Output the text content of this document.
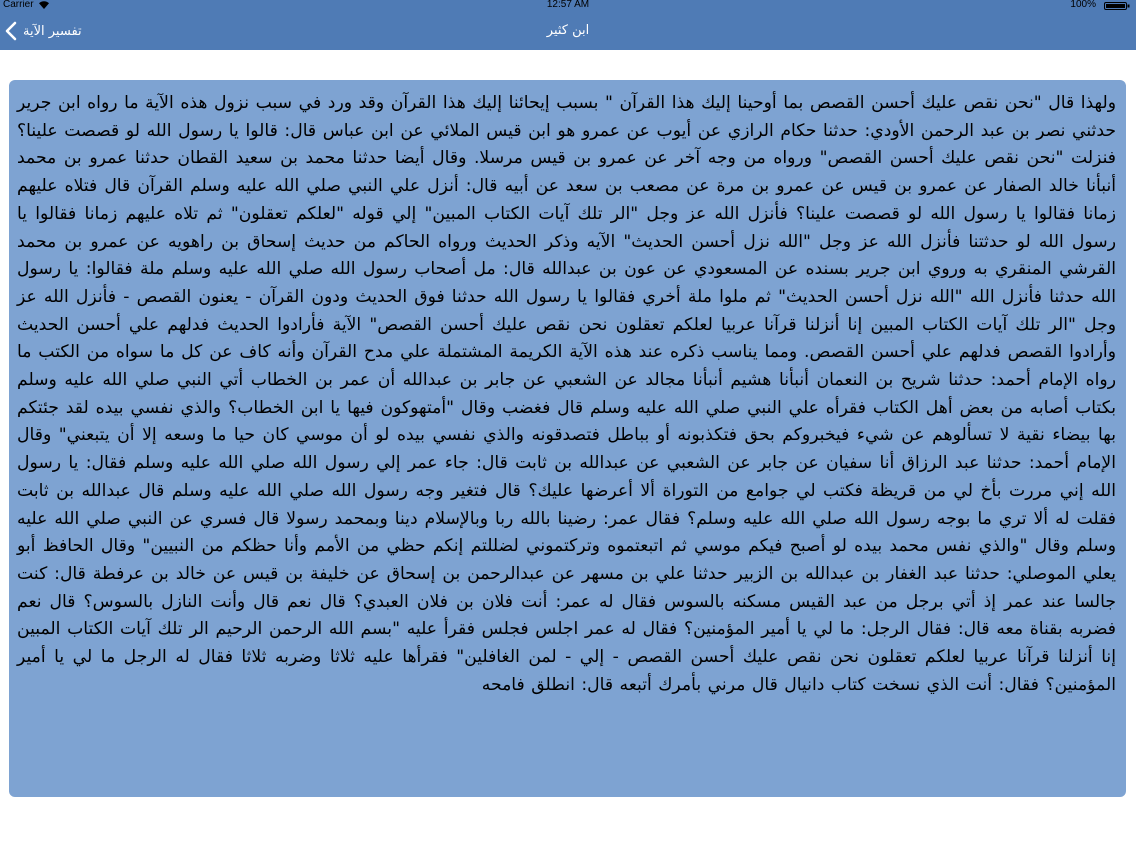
Carrier	12:57 AM	100%
تفسير الآية	ابن كثير

ولهذا قال "نحن نقص عليك أحسن القصص بما أوحينا إليك هذا القرآن " بسبب إيحائنا إليك هذا القرآن وقد ورد في سبب نزول هذه الآية ما رواه ابن جرير حدثني نصر بن عبد الرحمن الأودي: حدثنا حكام الرازي عن أيوب عن عمرو هو ابن قيس الملائي عن ابن عباس قال: قالوا يا رسول الله لو قصصت علينا؟ فنزلت "نحن نقص عليك أحسن القصص" ورواه من وجه آخر عن عمرو بن قيس مرسلا. وقال أيضا حدثنا محمد بن سعيد القطان حدثنا عمرو بن محمد أنبأنا خالد الصفار عن عمرو بن قيس عن عمرو بن مرة عن مصعب بن سعد عن أبيه قال: أنزل علي النبي صلي الله عليه وسلم القرآن قال فتلاه عليهم زمانا فقالوا يا رسول الله لو قصصت علينا؟ فأنزل الله عز وجل "الر تلك آيات الكتاب المبين" إلي قوله "لعلكم تعقلون" ثم تلاه عليهم زمانا فقالوا يا رسول الله لو حدثتنا فأنزل الله عز وجل "الله نزل أحسن الحديث" الآيه وذكر الحديث ورواه الحاكم من حديث إسحاق بن راهويه عن عمرو بن محمد القرشي المنقري به وروي ابن جرير بسنده عن المسعودي عن عون بن عبدالله قال: مل أصحاب رسول الله صلي الله عليه وسلم ملة فقالوا: يا رسول الله حدثنا فأنزل الله "الله نزل أحسن الحديث" ثم ملوا ملة أخري فقالوا يا رسول الله حدثنا فوق الحديث ودون القرآن - يعنون القصص - فأنزل الله عز وجل "الر تلك آيات الكتاب المبين إنا أنزلنا قرآنا عربيا لعلكم تعقلون نحن نقص عليك أحسن القصص" الآية فأرادوا الحديث فدلهم علي أحسن الحديث وأرادوا القصص فدلهم علي أحسن القصص. ومما يناسب ذكره عند هذه الآية الكريمة المشتملة علي مدح القرآن وأنه كاف عن كل ما سواه من الكتب ما رواه الإمام أحمد: حدثنا شريح بن النعمان أنبأنا هشيم أنبأنا مجالد عن الشعبي عن جابر بن عبدالله أن عمر بن الخطاب أتي النبي صلي الله عليه وسلم بكتاب أصابه من بعض أهل الكتاب فقرأه علي النبي صلي الله عليه وسلم قال فغضب وقال "أمتهوكون فيها يا ابن الخطاب؟ والذي نفسي بيده لقد جئتكم بها بيضاء نقية لا تسألوهم عن شيء فيخبروكم بحق فتكذبونه أو بباطل فتصدقونه والذي نفسي بيده لو أن موسي كان حيا ما وسعه إلا أن يتبعني" وقال الإمام أحمد: حدثنا عبد الرزاق أنا سفيان عن جابر عن الشعبي عن عبدالله بن ثابت قال: جاء عمر إلي رسول الله صلي الله عليه وسلم فقال: يا رسول الله إني مررت بأخ لي من قريظة فكتب لي جوامع من التوراة ألا أعرضها عليك؟ قال فتغير وجه رسول الله صلي الله عليه وسلم قال عبدالله بن ثابت فقلت له ألا تري ما بوجه رسول الله صلي الله عليه وسلم؟ فقال عمر: رضينا بالله ربا وبالإسلام دينا وبمحمد رسولا قال فسري عن النبي صلي الله عليه وسلم وقال "والذي نفس محمد بيده لو أصبح فيكم موسي ثم اتبعتموه وتركتموني لضللتم إنكم حظي من الأمم وأنا حظكم من النبيين" وقال الحافظ أبو يعلي الموصلي: حدثنا عبد الغفار بن عبدالله بن الزبير حدثنا علي بن مسهر عن عبدالرحمن بن إسحاق عن خليفة بن قيس عن خالد بن عرفطة قال: كنت جالسا عند عمر إذ أتي برجل من عبد القيس مسكنه بالسوس فقال له عمر: أنت فلان بن فلان العبدي؟ قال نعم قال وأنت النازل بالسوس؟ قال نعم فضربه بقناة معه قال: فقال الرجل: ما لي يا أمير المؤمنين؟ فقال له عمر اجلس فجلس فقرأ عليه "بسم الله الرحمن الرحيم الر تلك آيات الكتاب المبين إنا أنزلنا قرآنا عربيا لعلكم تعقلون نحن نقص عليك أحسن القصص - إلي - لمن الغافلين" فقرأها عليه ثلاثا وضربه ثلاثا فقال له الرجل ما لي يا أمير المؤمنين؟ فقال: أنت الذي نسخت كتاب دانيال قال مرني بأمرك أتبعه قال: انطلق فامحه
